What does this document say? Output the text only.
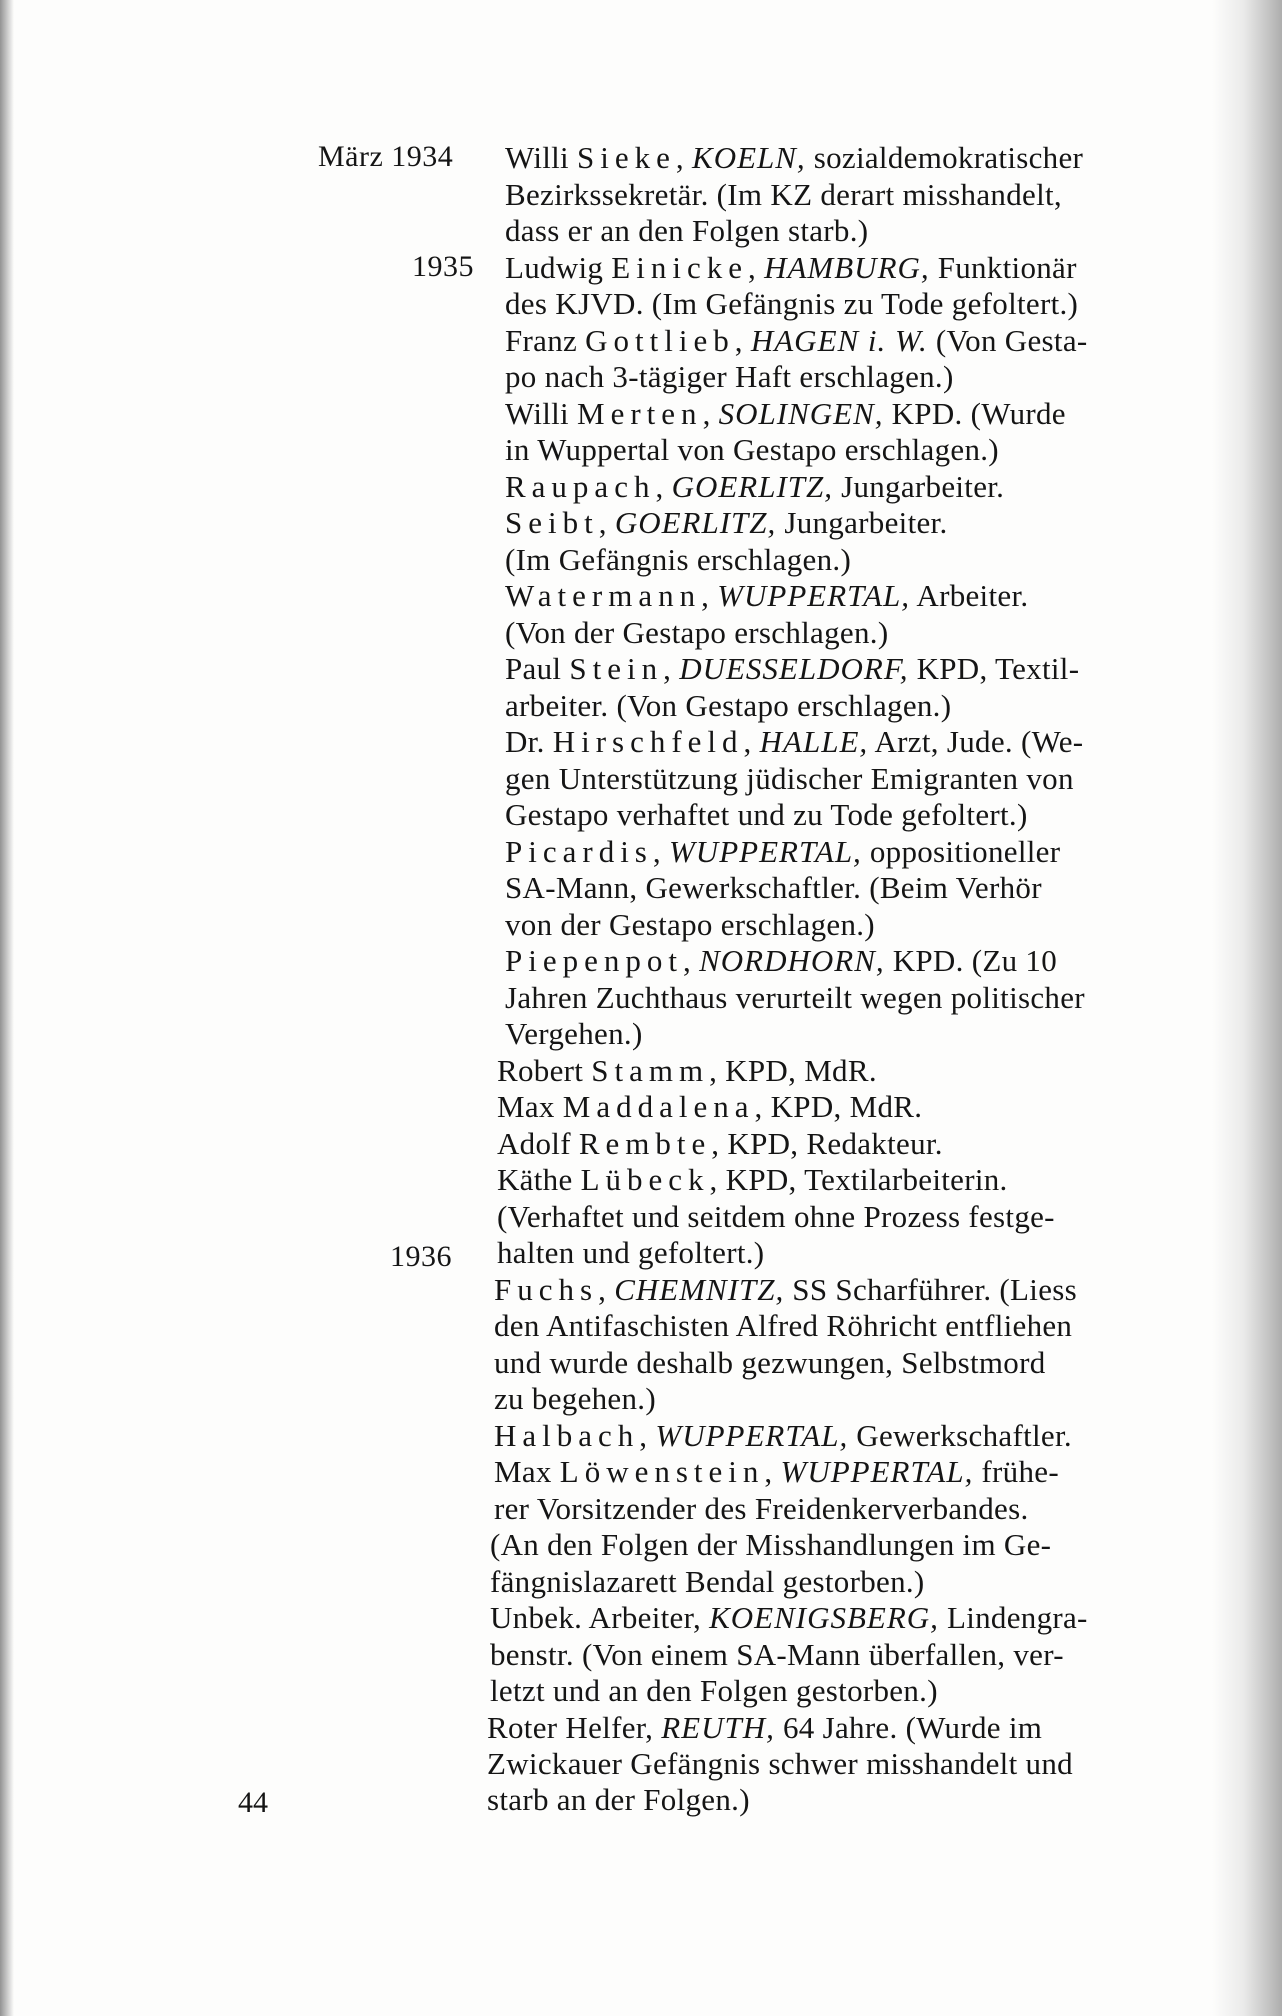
März 1934
1935
1936
Willi Sieke, KOELN, sozialdemokratischer
Bezirkssekretär. (Im KZ derart misshandelt,
dass er an den Folgen starb.)
Ludwig Einicke, HAMBURG, Funktionär
des KJVD. (Im Gefängnis zu Tode gefoltert.)
Franz Gottlieb, HAGEN i. W. (Von Gesta-
po nach 3-tägiger Haft erschlagen.)
Willi Merten, SOLINGEN, KPD. (Wurde
in Wuppertal von Gestapo erschlagen.)
Raupach, GOERLITZ, Jungarbeiter.
Seibt, GOERLITZ, Jungarbeiter.
(Im Gefängnis erschlagen.)
Watermann, WUPPERTAL, Arbeiter.
(Von der Gestapo erschlagen.)
Paul Stein, DUESSELDORF, KPD, Textil-
arbeiter. (Von Gestapo erschlagen.)
Dr. Hirschfeld, HALLE, Arzt, Jude. (We-
gen Unterstützung jüdischer Emigranten von
Gestapo verhaftet und zu Tode gefoltert.)
Picardis, WUPPERTAL, oppositioneller
SA-Mann, Gewerkschaftler. (Beim Verhör
von der Gestapo erschlagen.)
Piepenpot, NORDHORN, KPD. (Zu 10
Jahren Zuchthaus verurteilt wegen politischer
Vergehen.)
Robert Stamm, KPD, MdR.
Max Maddalena, KPD, MdR.
Adolf Rembte, KPD, Redakteur.
Käthe Lübeck, KPD, Textilarbeiterin.
(Verhaftet und seitdem ohne Prozess festge-
halten und gefoltert.)
Fuchs, CHEMNITZ, SS Scharführer. (Liess
den Antifaschisten Alfred Röhricht entfliehen
und wurde deshalb gezwungen, Selbstmord
zu begehen.)
Halbach, WUPPERTAL, Gewerkschaftler.
Max Löwenstein, WUPPERTAL, frühe-
rer Vorsitzender des Freidenkerverbandes.
(An den Folgen der Misshandlungen im Ge-
fängnislazarett Bendal gestorben.)
Unbek. Arbeiter, KOENIGSBERG, Lindengra-
benstr. (Von einem SA-Mann überfallen, ver-
letzt und an den Folgen gestorben.)
Roter Helfer, REUTH, 64 Jahre. (Wurde im
Zwickauer Gefängnis schwer misshandelt und
starb an der Folgen.)
44
